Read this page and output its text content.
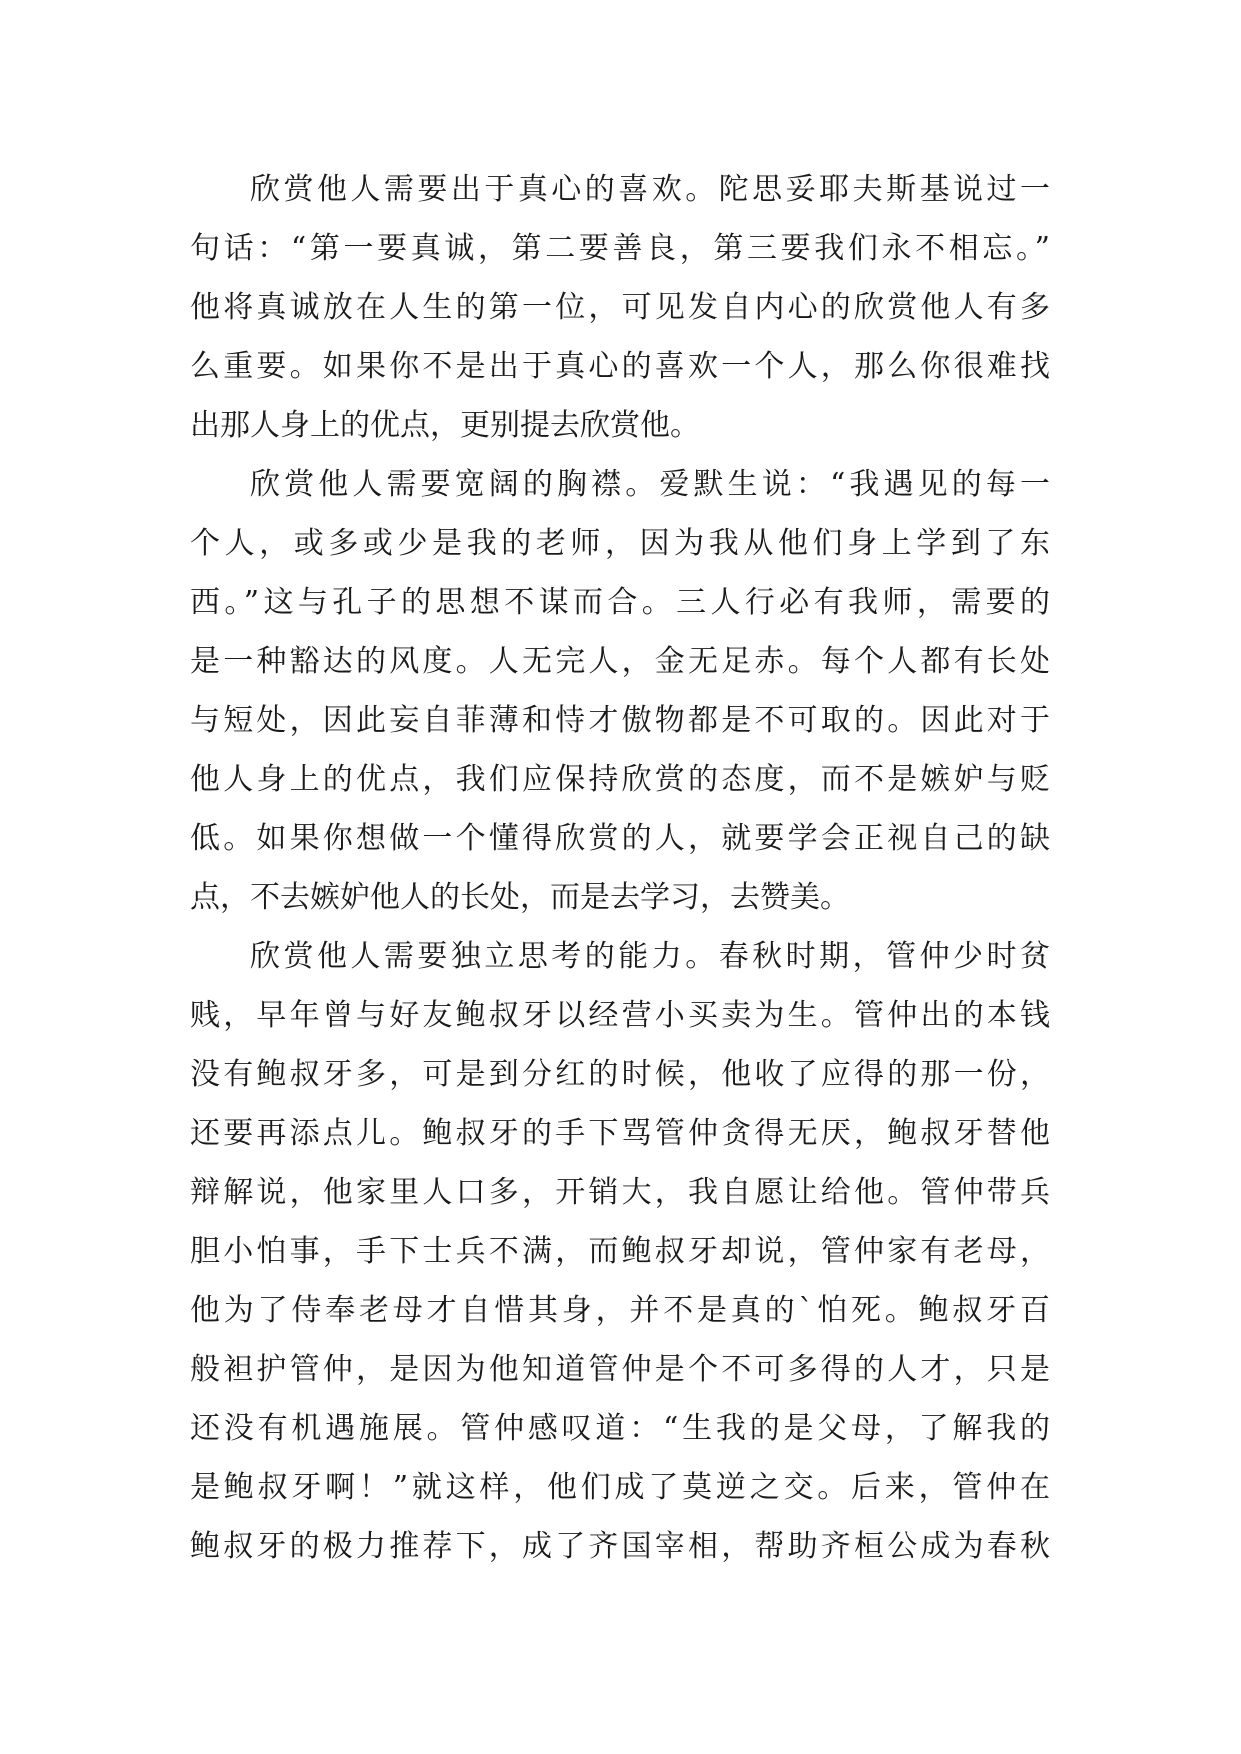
欣赏他人需要出于真心的喜欢。陀思妥耶夫斯基说过一
句话：“第一要真诚，第二要善良，第三要我们永不相忘。”
他将真诚放在人生的第一位，可见发自内心的欣赏他人有多
么重要。如果你不是出于真心的喜欢一个人，那么你很难找
出那人身上的优点，更别提去欣赏他。
欣赏他人需要宽阔的胸襟。爱默生说：“我遇见的每一
个人，或多或少是我的老师，因为我从他们身上学到了东
西。”这与孔子的思想不谋而合。三人行必有我师，需要的
是一种豁达的风度。人无完人，金无足赤。每个人都有长处
与短处，因此妄自菲薄和恃才傲物都是不可取的。因此对于
他人身上的优点，我们应保持欣赏的态度，而不是嫉妒与贬
低。如果你想做一个懂得欣赏的人，就要学会正视自己的缺
点，不去嫉妒他人的长处，而是去学习，去赞美。
欣赏他人需要独立思考的能力。春秋时期，管仲少时贫
贱，早年曾与好友鲍叔牙以经营小买卖为生。管仲出的本钱
没有鲍叔牙多，可是到分红的时候，他收了应得的那一份，
还要再添点儿。鲍叔牙的手下骂管仲贪得无厌，鲍叔牙替他
辩解说，他家里人口多，开销大，我自愿让给他。管仲带兵
胆小怕事，手下士兵不满，而鲍叔牙却说，管仲家有老母，
他为了侍奉老母才自惜其身，并不是真的`怕死。鲍叔牙百
般袒护管仲，是因为他知道管仲是个不可多得的人才，只是
还没有机遇施展。管仲感叹道：“生我的是父母，了解我的
是鲍叔牙啊！”就这样，他们成了莫逆之交。后来，管仲在
鲍叔牙的极力推荐下，成了齐国宰相，帮助齐桓公成为春秋
